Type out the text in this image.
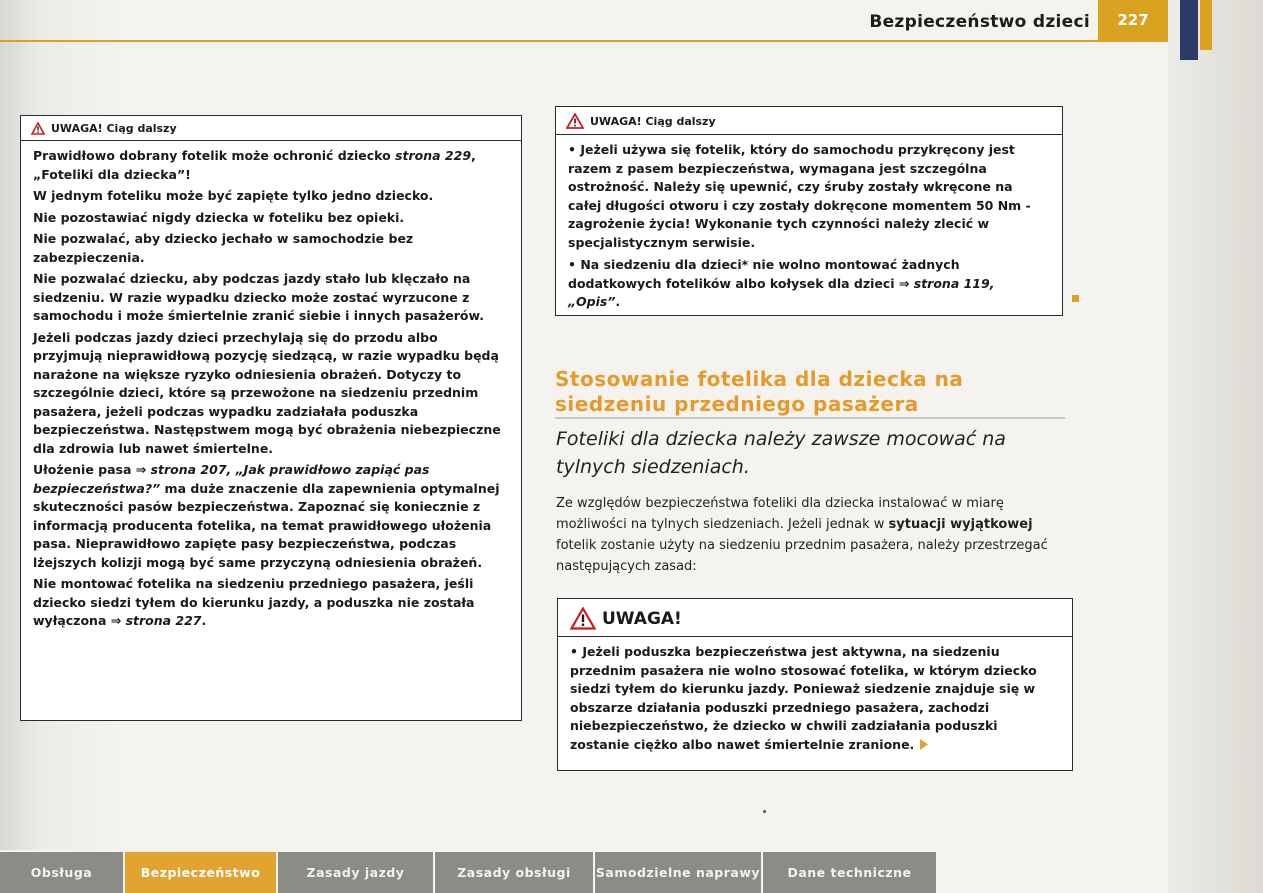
Bezpieczeństwo dzieci	227
UWAGA! Ciąg dalszy

Prawidłowo dobrany fotelik może ochronić dziecko strona 229, „Foteliki dla dziecka”!

W jednym foteliku może być zapięte tylko jedno dziecko.

Nie pozostawiać nigdy dziecka w foteliku bez opieki.

Nie pozwalać, aby dziecko jechało w samochodzie bez zabezpieczenia.

Nie pozwalać dziecku, aby podczas jazdy stało lub klęczało na siedzeniu. W razie wypadku dziecko może zostać wyrzucone z samochodu i może śmiertelnie zranić siebie i innych pasażerów.

Jeżeli podczas jazdy dzieci przechylają się do przodu albo przyjmują nieprawidłową pozycję siedzącą, w razie wypadku będą narażone na większe ryzyko odniesienia obrażeń. Dotyczy to szczególnie dzieci, które są przewożone na siedzeniu przednim pasażera, jeżeli podczas wypadku zadziałała poduszka bezpieczeństwa. Następstwem mogą być obrażenia niebezpieczne dla zdrowia lub nawet śmiertelne.

Ułożenie pasa ⇒ strona 207, „Jak prawidłowo zapiąć pas bezpieczeństwa?” ma duże znaczenie dla zapewnienia optymalnej skuteczności pasów bezpieczeństwa. Zapoznać się koniecznie z informacją producenta fotelika, na temat prawidłowego ułożenia pasa. Nieprawidłowo zapięte pasy bezpieczeństwa, podczas lżejszych kolizji mogą być same przyczyną odniesienia obrażeń.

Nie montować fotelika na siedzeniu przedniego pasażera, jeśli dziecko siedzi tyłem do kierunku jazdy, a poduszka nie została wyłączona ⇒ strona 227.

UWAGA! Ciąg dalszy

• Jeżeli używa się fotelik, który do samochodu przykręcony jest razem z pasem bezpieczeństwa, wymagana jest szczególna ostrożność. Należy się upewnić, czy śruby zostały wkręcone na całej długości otworu i czy zostały dokręcone momentem 50 Nm - zagrożenie życia! Wykonanie tych czynności należy zlecić w specjalistycznym serwisie.

• Na siedzeniu dla dzieci* nie wolno montować żadnych dodatkowych fotelików albo kołysek dla dzieci ⇒ strona 119, „Opis”.

Stosowanie fotelika dla dziecka na siedzeniu przedniego pasażera
Foteliki dla dziecka należy zawsze mocować na tylnych siedzeniach.
Ze względów bezpieczeństwa foteliki dla dziecka instalować w miarę możliwości na tylnych siedzeniach. Jeżeli jednak w sytuacji wyjątkowej fotelik zostanie użyty na siedzeniu przednim pasażera, należy przestrzegać następujących zasad:
UWAGA!

• Jeżeli poduszka bezpieczeństwa jest aktywna, na siedzeniu przednim pasażera nie wolno stosować fotelika, w którym dziecko siedzi tyłem do kierunku jazdy. Ponieważ siedzenie znajduje się w obszarze działania poduszki przedniego pasażera, zachodzi niebezpieczeństwo, że dziecko w chwili zadziałania poduszki zostanie ciężko albo nawet śmiertelnie zranione.

Obsługa	Bezpieczeństwo	Zasady jazdy	Zasady obsługi	Samodzielne naprawy	Dane techniczne
